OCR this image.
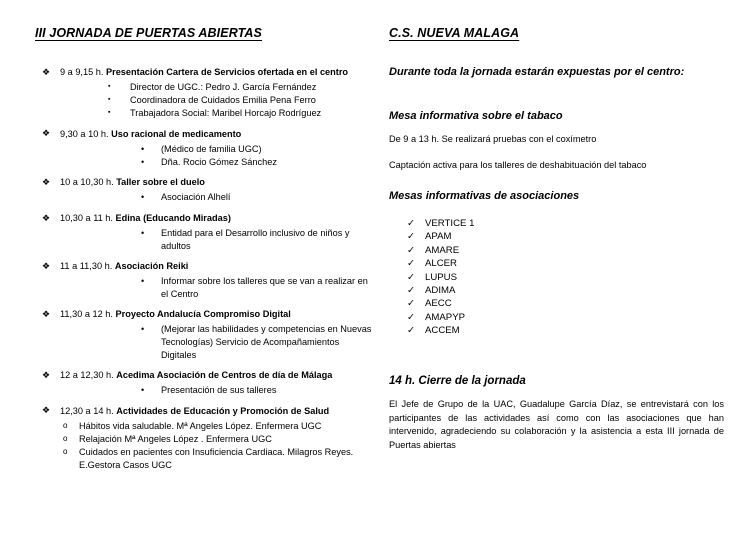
III JORNADA DE PUERTAS ABIERTAS
❖ 9 a 9,15 h. Presentación Cartera de Servicios ofertada en el centro
▪ Director de UGC.: Pedro J. García Fernández
▪ Coordinadora de Cuidados Emilia Pena Ferro
▪ Trabajadora Social: Maribel Horcajo Rodríguez
❖ 9,30 a 10 h. Uso racional de medicamento
• (Médico de familia UGC)
• Dña. Rocio Gómez Sánchez
❖ 10 a 10,30 h. Taller sobre el duelo
• Asociación Alhelí
❖ 10,30 a 11 h. Edina (Educando Miradas)
• Entidad para el Desarrollo inclusivo de niños y adultos
❖ 11 a 11,30 h. Asociación Reiki
• Informar sobre los talleres que se van a realizar en el Centro
❖ 11,30 a 12 h. Proyecto Andalucía Compromiso Digital
• (Mejorar las habilidades y competencias en Nuevas Tecnologías) Servicio de Acompañamientos Digitales
❖ 12 a 12,30 h. Acedima Asociación de Centros de día de Málaga
• Presentación de sus talleres
❖ 12,30 a 14 h. Actividades de Educación y Promoción de Salud
o Hábitos vida saludable. Mª Angeles López. Enfermera UGC
o Relajación Mª Angeles López . Enfermera UGC
o Cuidados en pacientes con Insuficiencia Cardiaca. Milagros Reyes. E.Gestora Casos UGC
C.S. NUEVA MALAGA

Durante toda la jornada estarán expuestas por el centro:

Mesa informativa sobre el tabaco

De 9 a 13 h. Se realizará pruebas con el coxímetro

Captación activa para los talleres de deshabituación del tabaco

Mesas informativas de asociaciones

✓ VERTICE 1
✓ APAM
✓ AMARE
✓ ALCER
✓ LUPUS
✓ ADIMA
✓ AECC
✓ AMAPYP
✓ ACCEM

14 h. Cierre de la jornada

El Jefe de Grupo de la UAC, Guadalupe García Díaz, se entrevistará con los participantes de las actividades así como con las asociaciones que han intervenido, agradeciendo su colaboración y la asistencia a esta III jornada de Puertas abiertas
